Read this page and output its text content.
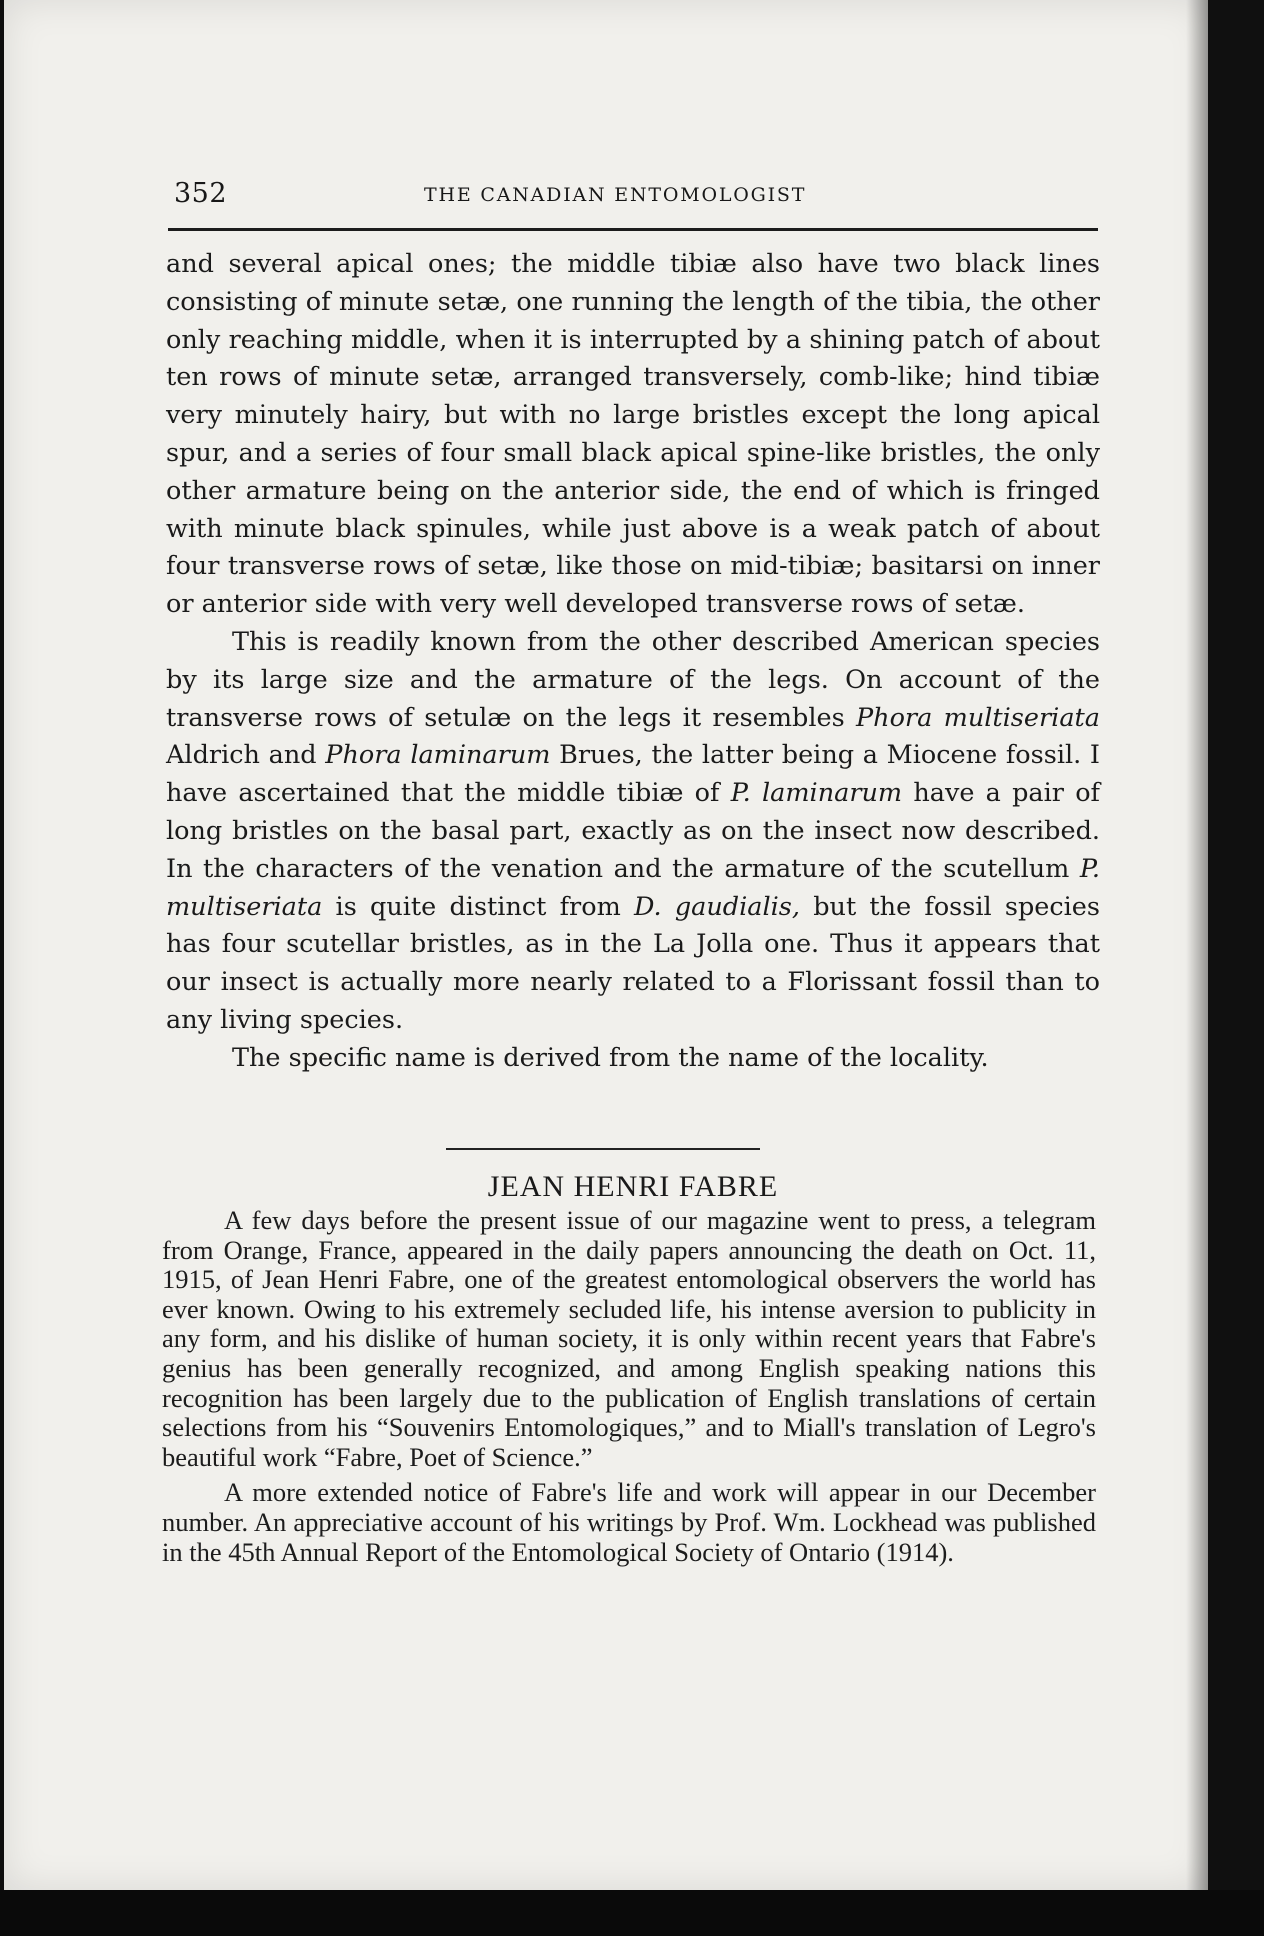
352	THE CANADIAN ENTOMOLOGIST

and several apical ones; the middle tibiæ also have two black lines consisting of minute setæ, one running the length of the tibia, the other only reaching middle, when it is interrupted by a shining patch of about ten rows of minute setæ, arranged transversely, comb-like; hind tibiæ very minutely hairy, but with no large bristles except the long apical spur, and a series of four small black apical spine-like bristles, the only other armature being on the anterior side, the end of which is fringed with minute black spinules, while just above is a weak patch of about four transverse rows of setæ, like those on mid-tibiæ; basitarsi on inner or anterior side with very well developed transverse rows of setæ.

This is readily known from the other described American species by its large size and the armature of the legs. On account of the transverse rows of setulæ on the legs it resembles Phora multiseriata Aldrich and Phora laminarum Brues, the latter being a Miocene fossil. I have ascertained that the middle tibiæ of P. laminarum have a pair of long bristles on the basal part, exactly as on the insect now described. In the characters of the venation and the armature of the scutellum P. multiseriata is quite distinct from D. gaudialis, but the fossil species has four scutellar bristles, as in the La Jolla one. Thus it appears that our insect is actually more nearly related to a Florissant fossil than to any living species.

The specific name is derived from the name of the locality.

JEAN HENRI FABRE

A few days before the present issue of our magazine went to press, a telegram from Orange, France, appeared in the daily papers announcing the death on Oct. 11, 1915, of Jean Henri Fabre, one of the greatest entomological observers the world has ever known. Owing to his extremely secluded life, his intense aversion to publicity in any form, and his dislike of human society, it is only within recent years that Fabre's genius has been generally recognized, and among English speaking nations this recognition has been largely due to the publication of English translations of certain selections from his “Souvenirs Entomologiques,” and to Miall's translation of Legro's beautiful work “Fabre, Poet of Science.”

A more extended notice of Fabre's life and work will appear in our December number. An appreciative account of his writings by Prof. Wm. Lockhead was published in the 45th Annual Report of the Entomological Society of Ontario (1914).
